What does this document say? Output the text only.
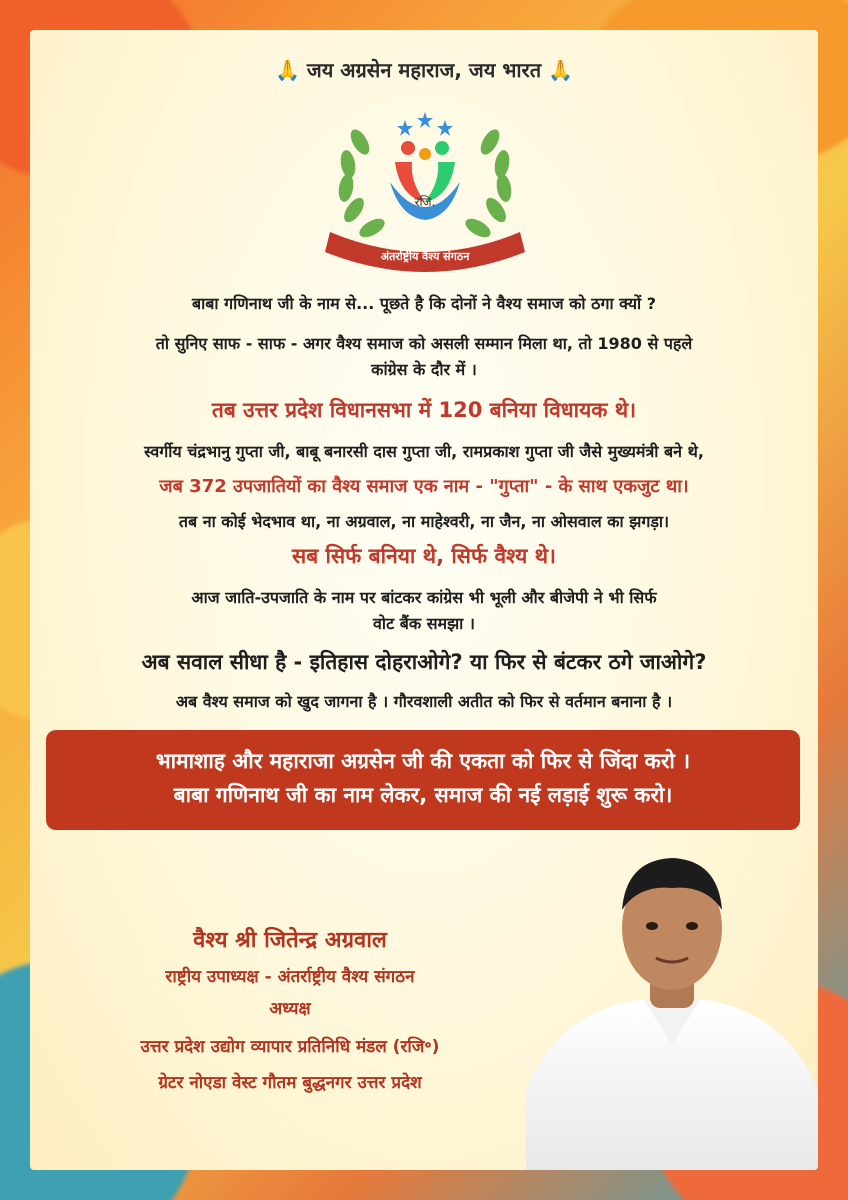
🙏 जय अग्रसेन महाराज, जय भारत 🙏
रजि.
अंतर्राष्ट्रीय वैश्य संगठन
बाबा गणिनाथ जी के नाम से... पूछते है कि दोनों ने वैश्य समाज को ठगा क्यों ?
तो सुनिए साफ - साफ - अगर वैश्य समाज को असली सम्मान मिला था, तो 1980 से पहले
कांग्रेस के दौर में ।
तब उत्तर प्रदेश विधानसभा में 120 बनिया विधायक थे।
स्वर्गीय चंद्रभानु गुप्ता जी, बाबू बनारसी दास गुप्ता जी, रामप्रकाश गुप्ता जी जैसे मुख्यमंत्री बने थे,
जब 372 उपजातियों का वैश्य समाज एक नाम - "गुप्ता" - के साथ एकजुट था।
तब ना कोई भेदभाव था, ना अग्रवाल, ना माहेश्वरी, ना जैन, ना ओसवाल का झगड़ा।
सब सिर्फ बनिया थे, सिर्फ वैश्य थे।
आज जाति-उपजाति के नाम पर बांटकर कांग्रेस भी भूली और बीजेपी ने भी सिर्फ
वोट बैंक समझा ।
अब सवाल सीधा है - इतिहास दोहराओगे? या फिर से बंटकर ठगे जाओगे?
अब वैश्य समाज को खुद जागना है । गौरवशाली अतीत को फिर से वर्तमान बनाना है ।
भामाशाह और महाराजा अग्रसेन जी की एकता को फिर से जिंदा करो ।
बाबा गणिनाथ जी का नाम लेकर, समाज की नई लड़ाई शुरू करो।
वैश्य श्री जितेन्द्र अग्रवाल
राष्ट्रीय उपाध्यक्ष - अंतर्राष्ट्रीय वैश्य संगठन
अध्यक्ष
उत्तर प्रदेश उद्योग व्यापार प्रतिनिधि मंडल (रजि॰)
ग्रेटर नोएडा वेस्ट गौतम बुद्धनगर उत्तर प्रदेश
